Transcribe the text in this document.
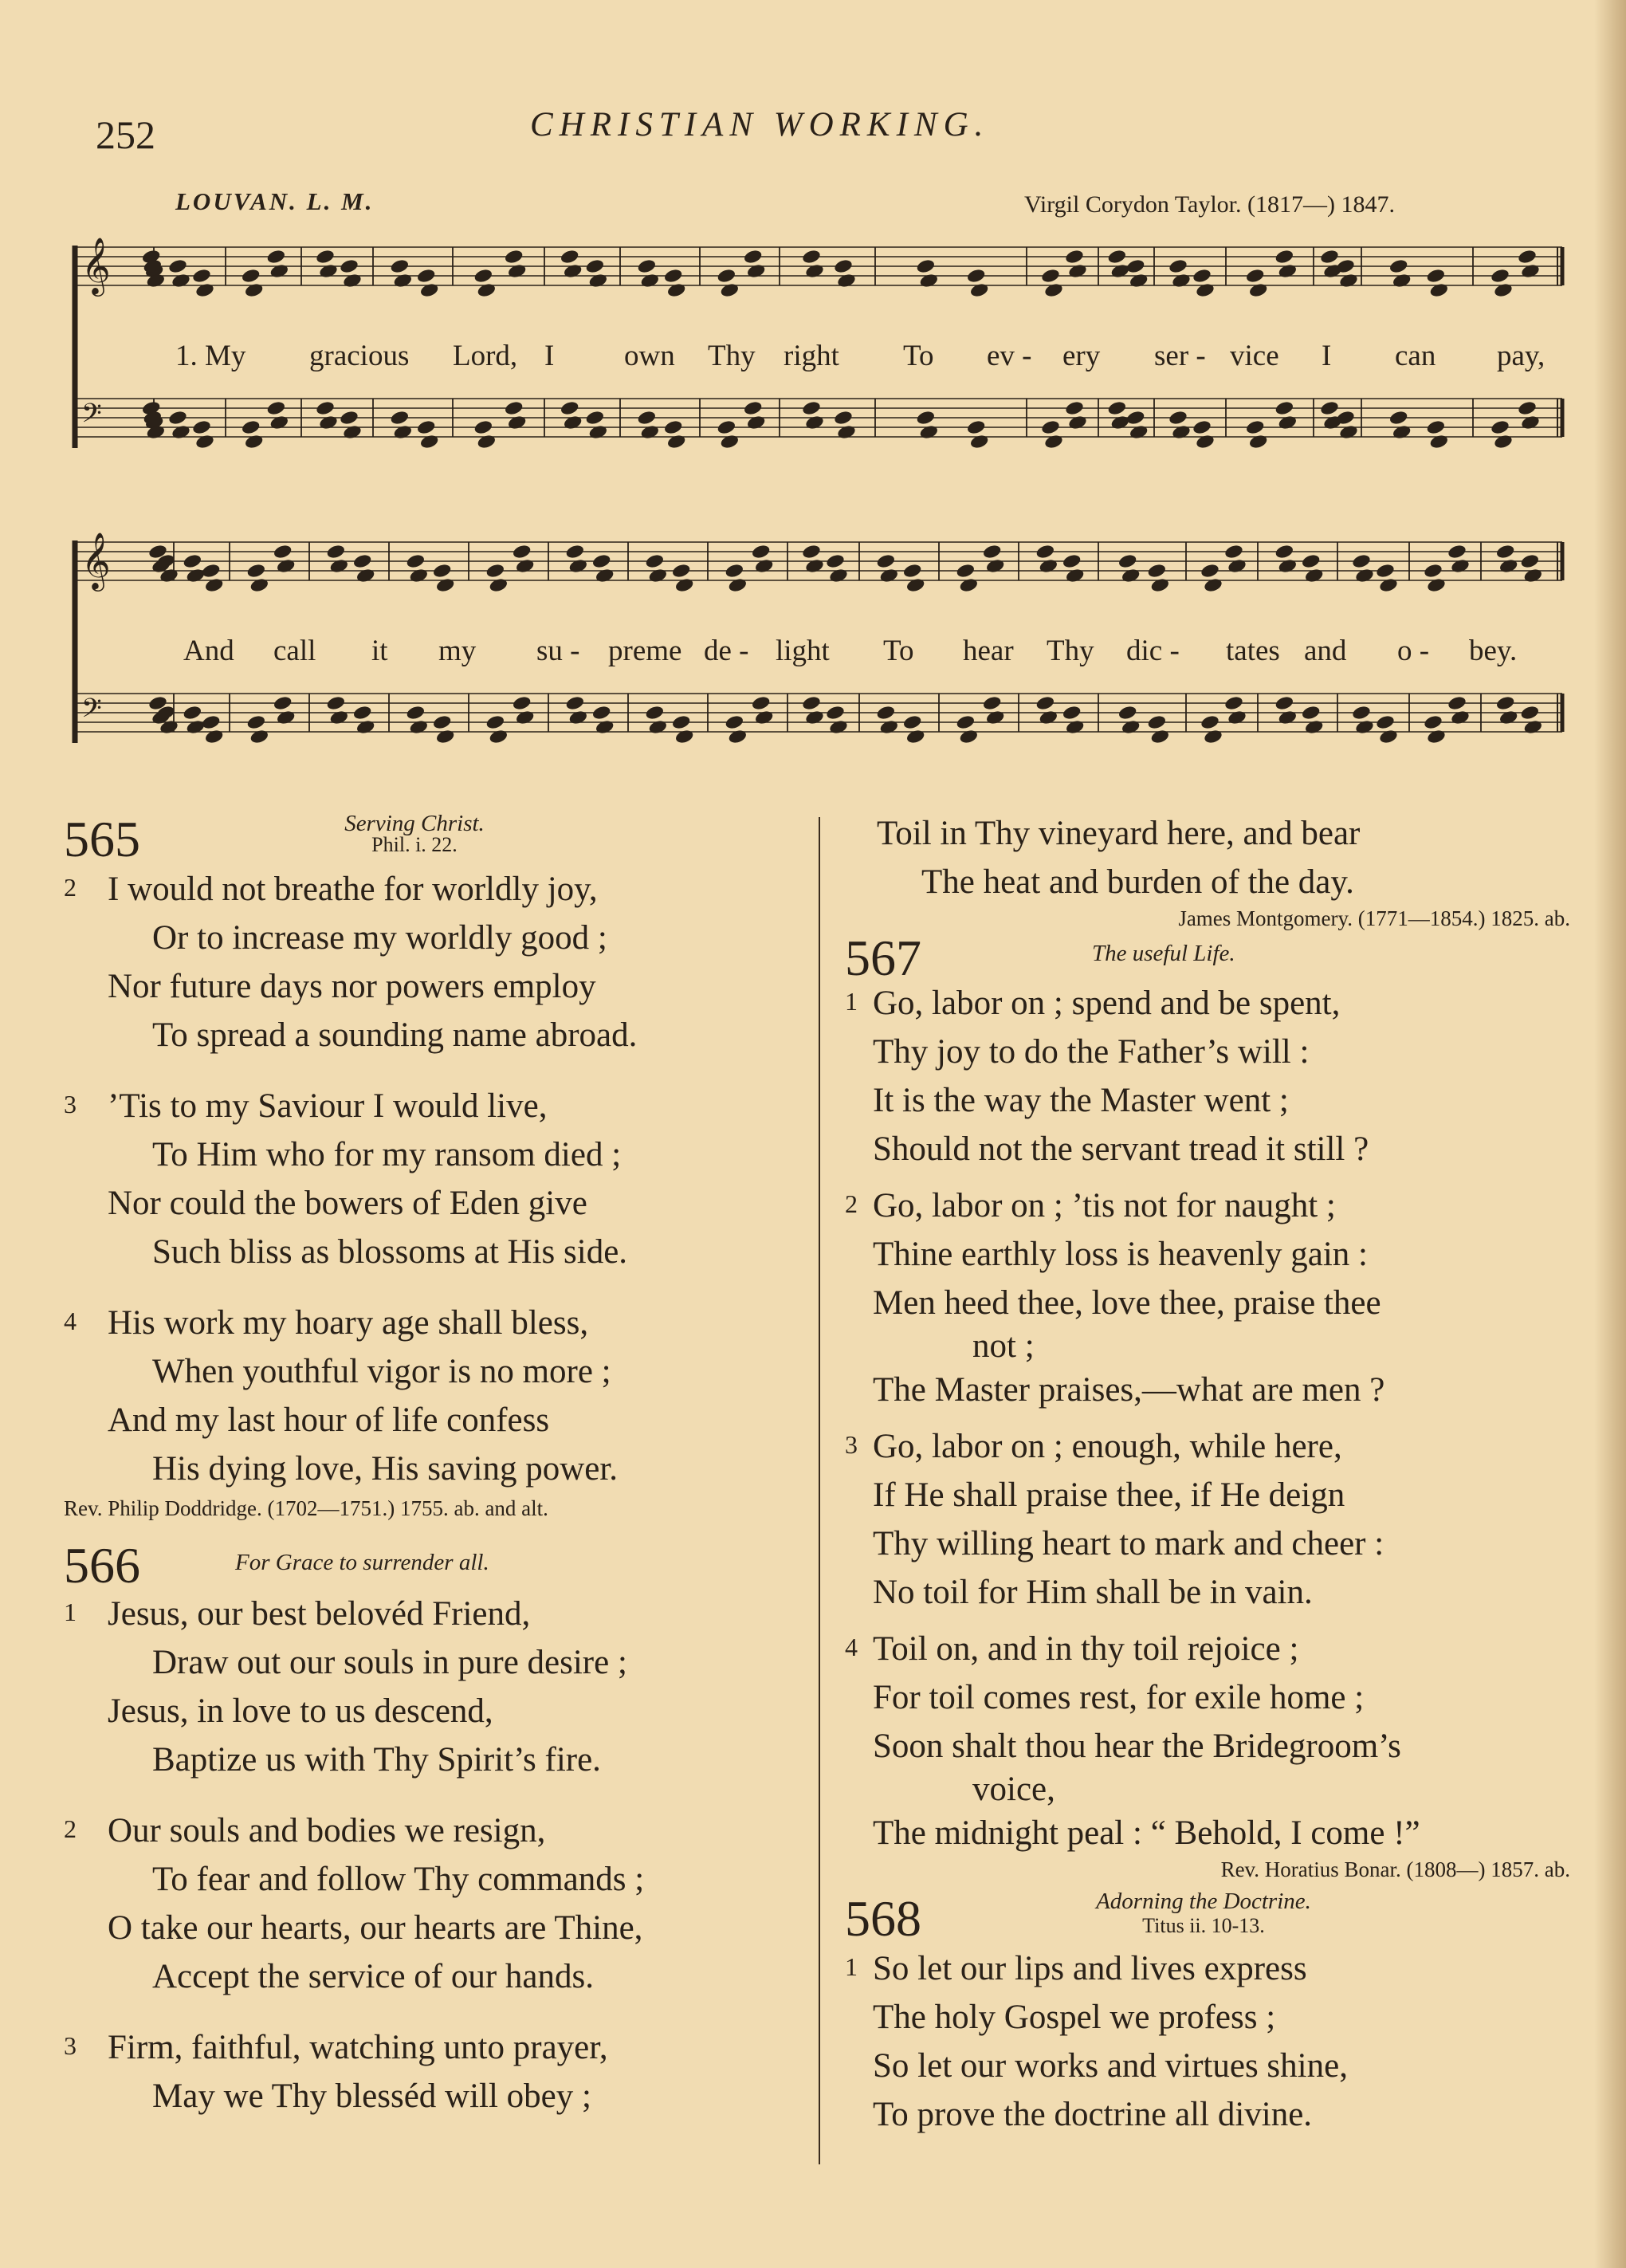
252	CHRISTIAN WORKING.
LOUVAN. L. M.	Virgil Corydon Taylor. (1817—) 1847.
𝄞
𝄢
1. My gracious Lord, I own Thy right To ev - ery ser - vice I can pay,
𝄞
𝄢
And call it my su - preme de - light To hear Thy dic - tates and o - bey.
565	Serving Christ.
Phil. i. 22.
2 I would not breathe for worldly joy,
Or to increase my worldly good ;
Nor future days nor powers employ
To spread a sounding name abroad.
3 ’Tis to my Saviour I would live,
To Him who for my ransom died ;
Nor could the bowers of Eden give
Such bliss as blossoms at His side.
4 His work my hoary age shall bless,
When youthful vigor is no more ;
And my last hour of life confess
His dying love, His saving power.
Rev. Philip Doddridge. (1702—1751.) 1755. ab. and alt.
566	For Grace to surrender all.
1 Jesus, our best belovéd Friend,
Draw out our souls in pure desire ;
Jesus, in love to us descend,
Baptize us with Thy Spirit’s fire.
2 Our souls and bodies we resign,
To fear and follow Thy commands ;
O take our hearts, our hearts are Thine,
Accept the service of our hands.
3 Firm, faithful, watching unto prayer,
May we Thy blesséd will obey ;
Toil in Thy vineyard here, and bear
The heat and burden of the day.
James Montgomery. (1771—1854.) 1825. ab.
567	The useful Life.
1 Go, labor on ; spend and be spent,
Thy joy to do the Father’s will :
It is the way the Master went ;
Should not the servant tread it still ?
2 Go, labor on ; ’tis not for naught ;
Thine earthly loss is heavenly gain :
Men heed thee, love thee, praise thee
not ;
The Master praises,—what are men ?
3 Go, labor on ; enough, while here,
If He shall praise thee, if He deign
Thy willing heart to mark and cheer :
No toil for Him shall be in vain.
4 Toil on, and in thy toil rejoice ;
For toil comes rest, for exile home ;
Soon shalt thou hear the Bridegroom’s
voice,
The midnight peal : “ Behold, I come !”
Rev. Horatius Bonar. (1808—) 1857. ab.
568	Adorning the Doctrine.
Titus ii. 10-13.
1 So let our lips and lives express
The holy Gospel we profess ;
So let our works and virtues shine,
To prove the doctrine all divine.
